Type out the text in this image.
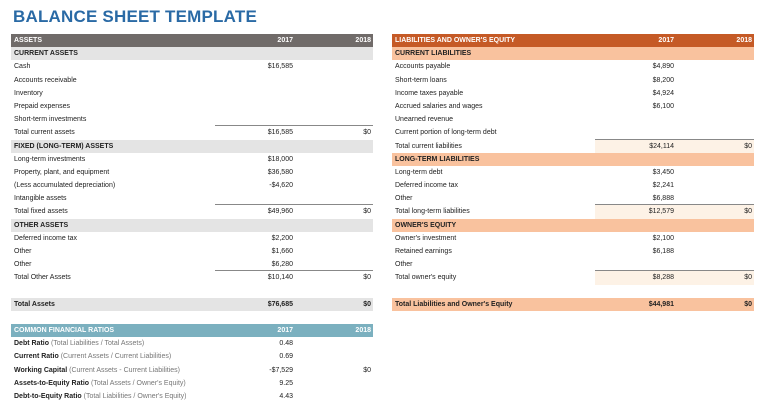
BALANCE SHEET TEMPLATE
ASSETS	2017	2018
CURRENT ASSETS
Cash	$16,585
Accounts receivable
Inventory
Prepaid expenses
Short-term investments
Total current assets	$16,585	$0
FIXED (LONG-TERM) ASSETS
Long-term investments	$18,000
Property, plant, and equipment	$36,580
(Less accumulated depreciation)	-$4,620
Intangible assets
Total fixed assets	$49,960	$0
OTHER ASSETS
Deferred income tax	$2,200
Other	$1,660
Other	$6,280
Total Other Assets	$10,140	$0
Total Assets	$76,685	$0
LIABILITIES AND OWNER'S EQUITY	2017	2018
CURRENT LIABILITIES
Accounts payable	$4,890
Short-term loans	$8,200
Income taxes payable	$4,924
Accrued salaries and wages	$6,100
Unearned revenue
Current portion of long-term debt
Total current liabilities	$24,114	$0
LONG-TERM LIABILITIES
Long-term debt	$3,450
Deferred income tax	$2,241
Other	$6,888
Total long-term liabilities	$12,579	$0
OWNER'S EQUITY
Owner's investment	$2,100
Retained earnings	$6,188
Other
Total owner's equity	$8,288	$0
Total Liabilities and Owner's Equity	$44,981	$0
COMMON FINANCIAL RATIOS	2017	2018
Debt Ratio (Total Liabilities / Total Assets)	0.48
Current Ratio (Current Assets / Current Liabilities)	0.69
Working Capital (Current Assets - Current Liabilities)	-$7,529	$0
Assets-to-Equity Ratio (Total Assets / Owner's Equity)	9.25
Debt-to-Equity Ratio (Total Liabilities / Owner's Equity)	4.43
